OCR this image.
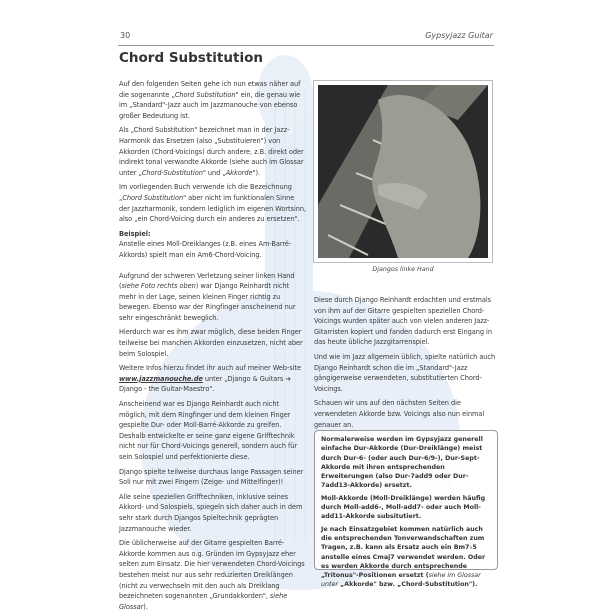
30	Gypsyjazz Guitar
Chord Substitution

Auf den folgenden Seiten gehe ich nun etwas näher auf die sogenannte „Chord Substitution" ein, die genau wie im „Standard"-Jazz auch im Jazzmanouche von ebenso großer Bedeutung ist.

Als „Chord Substitution" bezeichnet man in der Jazz-Harmonik das Ersetzen (also „Substituieren") von Akkorden (Chord-Voicings) durch andere, z.B. direkt oder indirekt tonal verwandte Akkorde (siehe auch im Glossar unter „Chord-Substitution" und „Akkorde").

Im vorliegenden Buch verwende ich die Bezeichnung „Chord Substitution" aber nicht im funktionalen Sinne der Jazzharmonik, sondern lediglich im eigenen Wortsinn, also „ein Chord-Voicing durch ein anderes zu ersetzen".

Beispiel:
Anstelle eines Moll-Dreiklanges (z.B. eines Am-Barré-Akkords) spielt man ein Am6-Chord-Voicing.

Aufgrund der schweren Verletzung seiner linken Hand (siehe Foto rechts oben) war Django Reinhardt nicht mehr in der Lage, seinen kleinen Finger richtig zu bewegen. Ebenso war der Ringfinger anscheinend nur sehr eingeschränkt beweglich.

Hierdurch war es ihm zwar möglich, diese beiden Finger teilweise bei manchen Akkorden einzusetzen, nicht aber beim Solospiel.

Weitere Infos hierzu findet ihr auch auf meiner Web-site www.jazzmanouche.de unter „Django & Guitars ➔ Django - the Guitar-Maestro".

Anscheinend war es Django Reinhardt auch nicht möglich, mit dem Ringfinger und dem kleinen Finger gespielte Dur- oder Moll-Barré-Akkorde zu greifen. Deshalb entwickelte er seine ganz eigene Grifftechnik nicht nur für Chord-Voicings generell, sondern auch für sein Solospiel und perfektionierte diese.

Django spielte teilweise durchaus lange Passagen seiner Soli nur mit zwei Fingern (Zeige- und Mittelfinger)!

Alle seine speziellen Grifftechniken, inklusive seines Akkord- und Solospiels, spiegeln sich daher auch in dem sehr stark durch Djangos Spieltechnik geprägten Jazzmanouche wieder.

Die üblicherweise auf der Gitarre gespielten Barré-Akkorde kommen aus o.g. Gründen im Gypsyjazz eher selten zum Einsatz. Die hier verwendeten Chord-Voicings bestehen meist nur aus sehr reduzierten Dreiklängen (nicht zu verwechseln mit den auch als Dreiklang bezeichneten sogenannten „Grundakkorden", siehe Glossar).

Djangos linke Hand

Diese durch Django Reinhardt erdachten und erstmals von ihm auf der Gitarre gespielten speziellen Chord-Voicings wurden später auch von vielen anderen Jazz-Gitarristen kopiert und fanden dadurch erst Eingang in das heute übliche Jazzgitarrenspiel.

Und wie im Jazz allgemein üblich, spielte natürlich auch Django Reinhardt schon die im „Standard"-Jazz gängigerweise verwendeten, substitutierten Chord-Voicings.

Schauen wir uns auf den nächsten Seiten die verwendeten Akkorde bzw. Voicings also nun einmal genauer an.

Normalerweise werden im Gypsyjazz generell einfache Dur-Akkorde (Dur-Dreiklänge) meist durch Dur-6- (oder auch Dur-6/9-), Dur-Sept- Akkorde mit ihren entsprechenden Erweiterungen (also Dur-7add9 oder Dur-7add13-Akkorde) ersetzt.

Moll-Akkorde (Moll-Dreiklänge) werden häufig durch Moll-add6-, Moll-add7- oder auch Moll-add11-Akkorde subsitutiert.

Je nach Einsatzgebiet kommen natürlich auch die entsprechenden Tonverwandschaften zum Tragen, z.B. kann als Ersatz auch ein Bm7♭5 anstelle eines Cmaj7 verwendet werden. Oder es werden Akkorde durch entsprechende „Tritonus"-Positionen ersetzt (siehe im Glossar unter „Akkorde" bzw. „Chord-Substitution").
